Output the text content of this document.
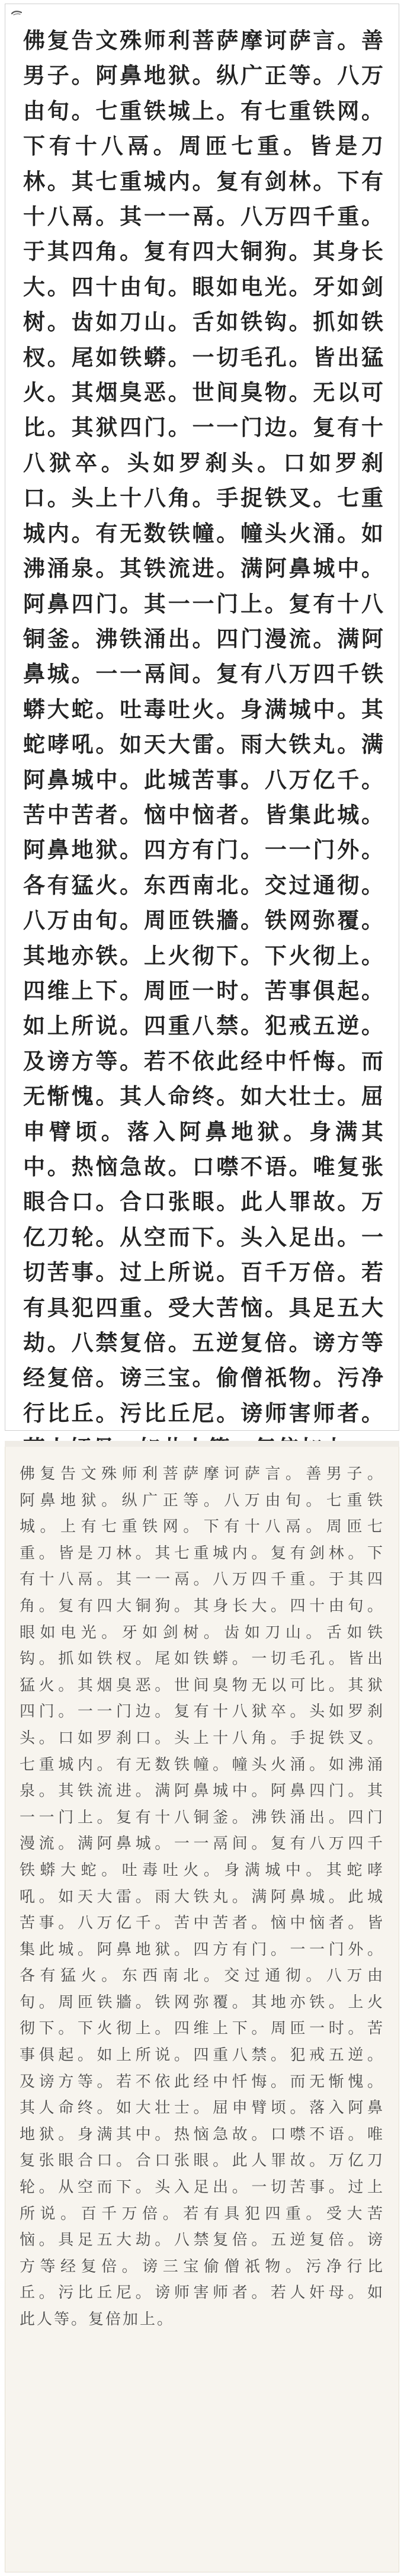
佛复告文殊师利菩萨摩诃萨言。善男子。阿鼻地狱。纵广正等。八万由旬。七重铁城上。有七重铁网。下有十八鬲。周匝七重。皆是刀林。其七重城内。复有剑林。下有十八鬲。其一一鬲。八万四千重。于其四角。复有四大铜狗。其身长大。四十由旬。眼如电光。牙如剑树。齿如刀山。舌如铁钩。抓如铁杈。尾如铁蟒。一切毛孔。皆出猛火。其烟臭恶。世间臭物。无以可比。其狱四门。一一门边。复有十八狱卒。头如罗刹头。口如罗刹口。头上十八角。手捉铁叉。七重城内。有无数铁幢。幢头火涌。如沸涌泉。其铁流进。满阿鼻城中。阿鼻四门。其一一门上。复有十八铜釜。沸铁涌出。四门漫流。满阿鼻城。一一鬲间。复有八万四千铁蟒大蛇。吐毒吐火。身满城中。其蛇哮吼。如天大雷。雨大铁丸。满阿鼻城中。此城苦事。八万亿千。苦中苦者。恼中恼者。皆集此城。阿鼻地狱。四方有门。一一门外。各有猛火。东西南北。交过通彻。八万由旬。周匝铁牆。铁网弥覆。其地亦铁。上火彻下。下火彻上。四维上下。周匝一时。苦事俱起。如上所说。四重八禁。犯戒五逆。及谤方等。若不依此经中忏悔。而无惭愧。其人命终。如大壮士。屈申臂顷。落入阿鼻地狱。身满其中。热恼急故。口噤不语。唯复张眼合口。合口张眼。此人罪故。万亿刀轮。从空而下。头入足出。一切苦事。过上所说。百千万倍。若有具犯四重。受大苦恼。具足五大劫。八禁复倍。五逆复倍。谤方等经复倍。谤三宝。偷僧祇物。污净行比丘。污比丘尼。谤师害师者。

佛复告文殊师利菩萨摩诃萨言。善男子。
阿鼻地狱。纵广正等。八万由旬。七重铁
城。上有七重铁网。下有十八鬲。周匝七
重。皆是刀林。其七重城内。复有剑林。下
有十八鬲。其一一鬲。八万四千重。于其四
角。复有四大铜狗。其身长大。四十由旬。
眼如电光。牙如剑树。齿如刀山。舌如铁
钩。抓如铁杈。尾如铁蟒。一切毛孔。皆出
猛火。其烟臭恶。世间臭物无以可比。其狱
四门。一一门边。复有十八狱卒。头如罗刹
头。口如罗刹口。头上十八角。手捉铁叉。
七重城内。有无数铁幢。幢头火涌。如沸涌
泉。其铁流进。满阿鼻城中。阿鼻四门。其
一一门上。复有十八铜釜。沸铁涌出。四门
漫流。满阿鼻城。一一鬲间。复有八万四千
铁蟒大蛇。吐毒吐火。身满城中。其蛇哮
吼。如天大雷。雨大铁丸。满阿鼻城。此城
苦事。八万亿千。苦中苦者。恼中恼者。皆
集此城。阿鼻地狱。四方有门。一一门外。
各有猛火。东西南北。交过通彻。八万由
旬。周匝铁牆。铁网弥覆。其地亦铁。上火
彻下。下火彻上。四维上下。周匝一时。苦
事俱起。如上所说。四重八禁。犯戒五逆。
及谤方等。若不依此经中忏悔。而无惭愧。
其人命终。如大壮士。屈申臂顷。落入阿鼻
地狱。身满其中。热恼急故。口噤不语。唯
复张眼合口。合口张眼。此人罪故。万亿刀
轮。从空而下。头入足出。一切苦事。过上
所说。百千万倍。若有具犯四重。受大苦
恼。具足五大劫。八禁复倍。五逆复倍。谤
方等经复倍。谤三宝偷僧祇物。污净行比
丘。污比丘尼。谤师害师者。若人奸母。如
此人等。复倍加上。
